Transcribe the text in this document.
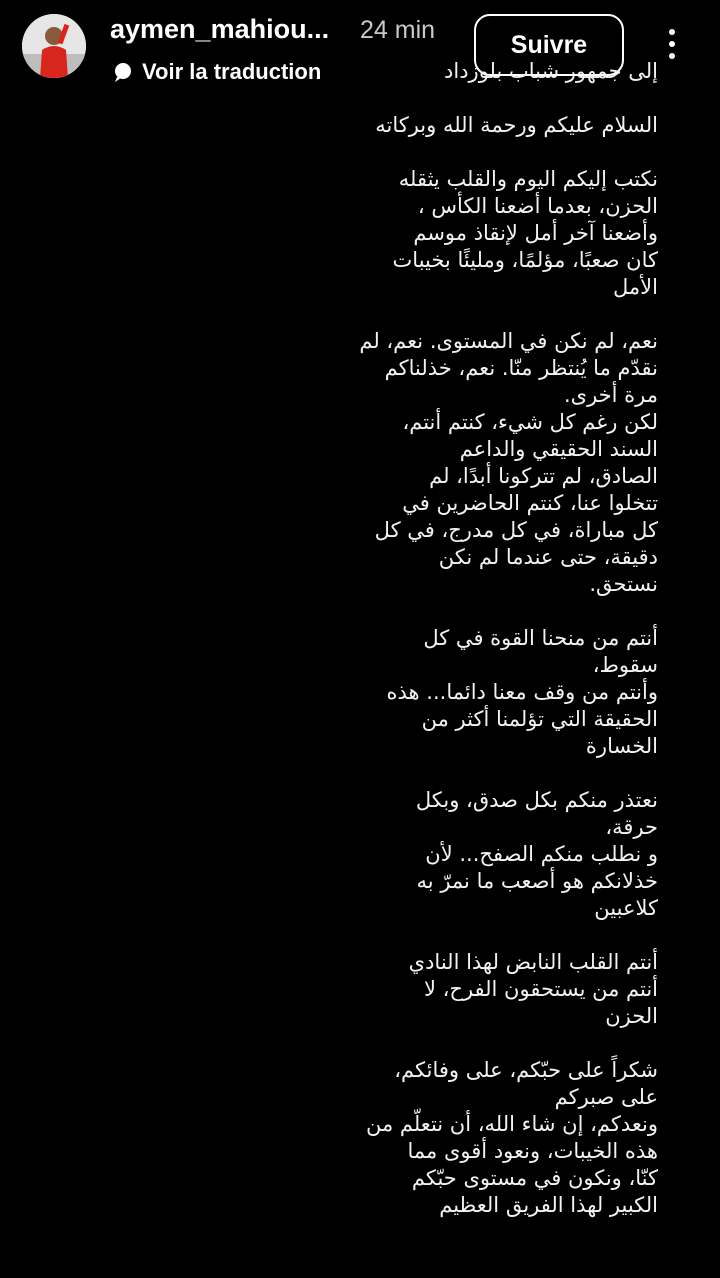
aymen_mahiou... 24 min
Voir la traduction
Suivre
إلى جمهور شباب بلوزداد
السلام عليكم ورحمة الله وبركاته
نكتب إليكم اليوم والقلب يثقله
الحزن، بعدما أضعنا الكأس ،
وأضعنا آخر أمل لإنقاذ موسم
كان صعبًا، مؤلمًا، ومليئًا بخيبات
الأمل
نعم، لم نكن في المستوى. نعم، لم
نقدّم ما يُنتظر منّا. نعم، خذلناكم
مرة أخرى.
لكن رغم كل شيء، كنتم أنتم،
السند الحقيقي والداعم
الصادق، لم تتركونا أبدًا، لم
تتخلوا عنا، كنتم الحاضرين في
كل مباراة، في كل مدرج، في كل
دقيقة، حتى عندما لم نكن
نستحق.
أنتم من منحنا القوة في كل
سقوط،
وأنتم من وقف معنا دائما... هذه
الحقيقة التي تؤلمنا أكثر من
الخسارة
نعتذر منكم بكل صدق، وبكل
حرقة،
و نطلب منكم الصفح... لأن
خذلانكم هو أصعب ما نمرّ به
كلاعبين
أنتم القلب النابض لهذا النادي
أنتم من يستحقون الفرح، لا
الحزن
شكراً على حبّكم، على وفائكم،
على صبركم
ونعدكم، إن شاء الله، أن نتعلّم من
هذه الخيبات، ونعود أقوى مما
كنّا، ونكون في مستوى حبّكم
الكبير لهذا الفريق العظيم
